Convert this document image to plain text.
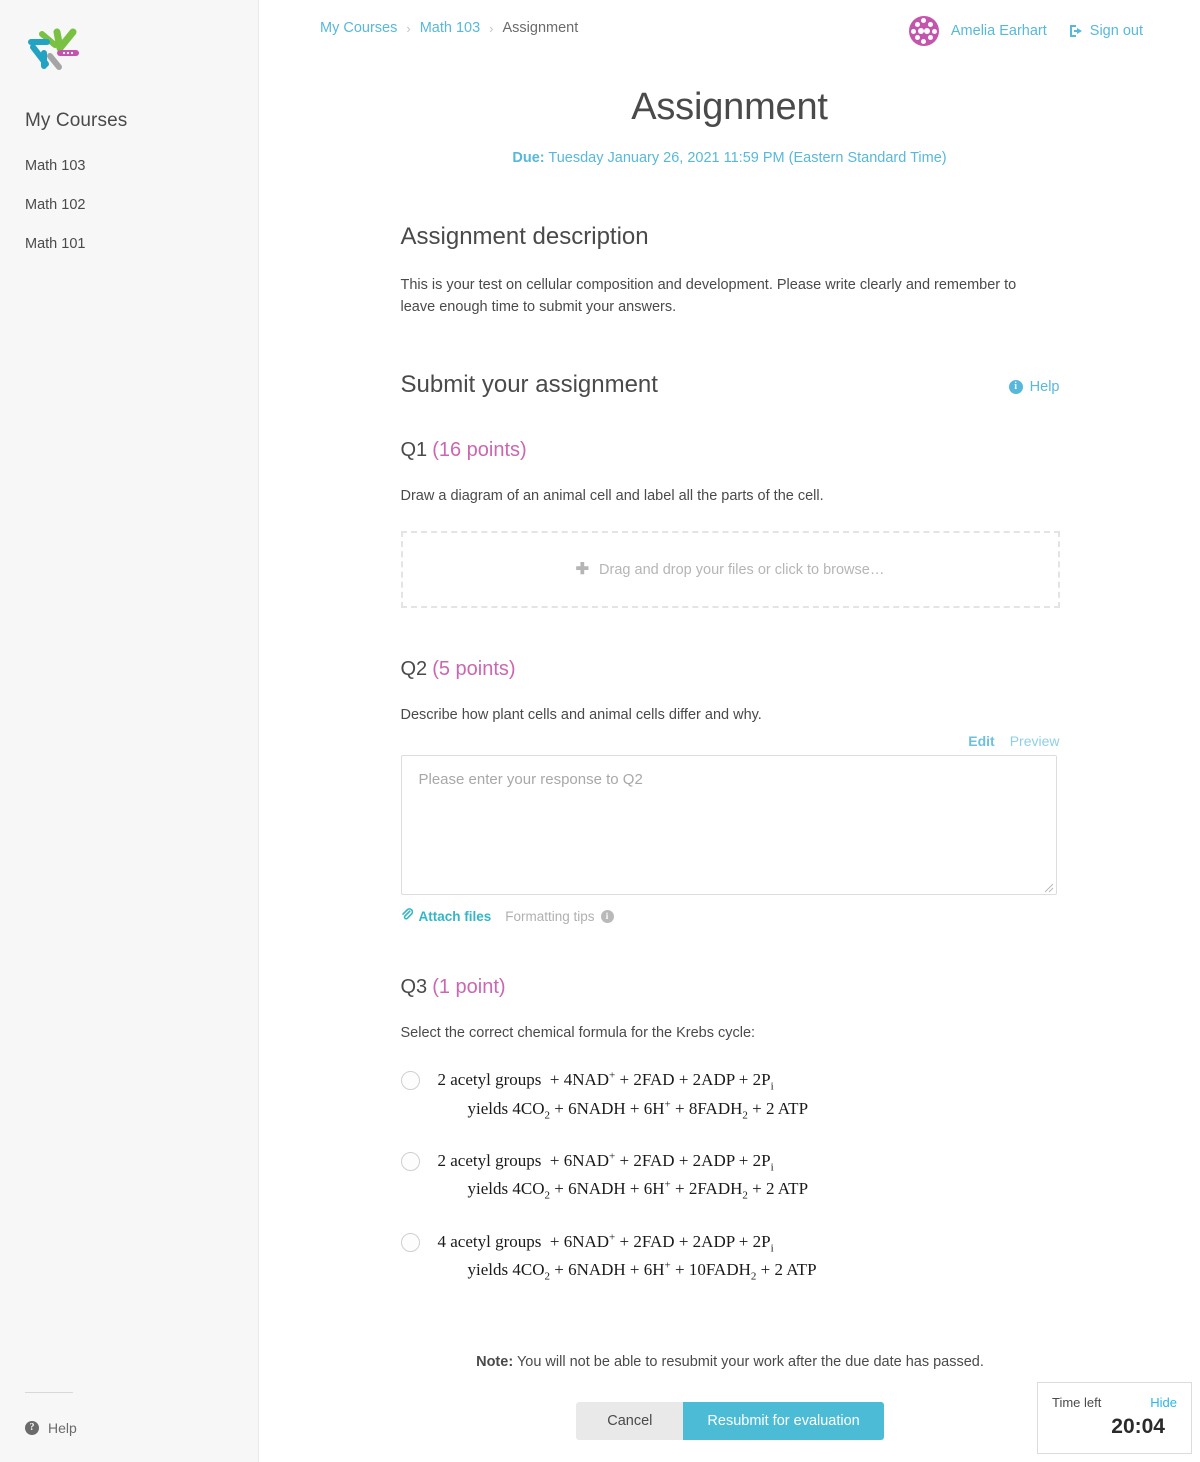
My Courses
Math 103
Math 102
Math 101
? Help
My Courses › Math 103 › Assignment	Amelia Earhart	Sign out
Assignment
Due: Tuesday January 26, 2021 11:59 PM (Eastern Standard Time)
Assignment description

This is your test on cellular composition and development. Please write clearly and remember to leave enough time to submit your answers.

Submit your assignment	i Help
Q1 (16 points)
Draw a diagram of an animal cell and label all the parts of the cell.
✚ Drag and drop your files or click to browse…
Q2 (5 points)
Describe how plant cells and animal cells differ and why.
Edit Preview
Please enter your response to Q2
Attach files Formatting tips	i
Q3 (1 point)
Select the correct chemical formula for the Krebs cycle:
2 acetyl groups  + $4NAD^+ + 2FAD + 2ADP + 2P_i$
yields $4CO_2$ + 6NADH + $6H^+ + 8FADH_2 + 2$ ATP
2 acetyl groups  + $6NAD^+ + 2FAD + 2ADP + 2P_i$
yields $4CO_2$ + 6NADH + $6H^+ + 2FADH_2 + 2$ ATP
4 acetyl groups  + $6NAD^+ + 2FAD + 2ADP + 2P_i$
yields $4CO_2$ + 6NADH + $6H^+ + 10FADH_2 + 2$ ATP
Note: You will not be able to resubmit your work after the due date has passed.
Cancel	Resubmit for evaluation
Time left	Hide
20:04
